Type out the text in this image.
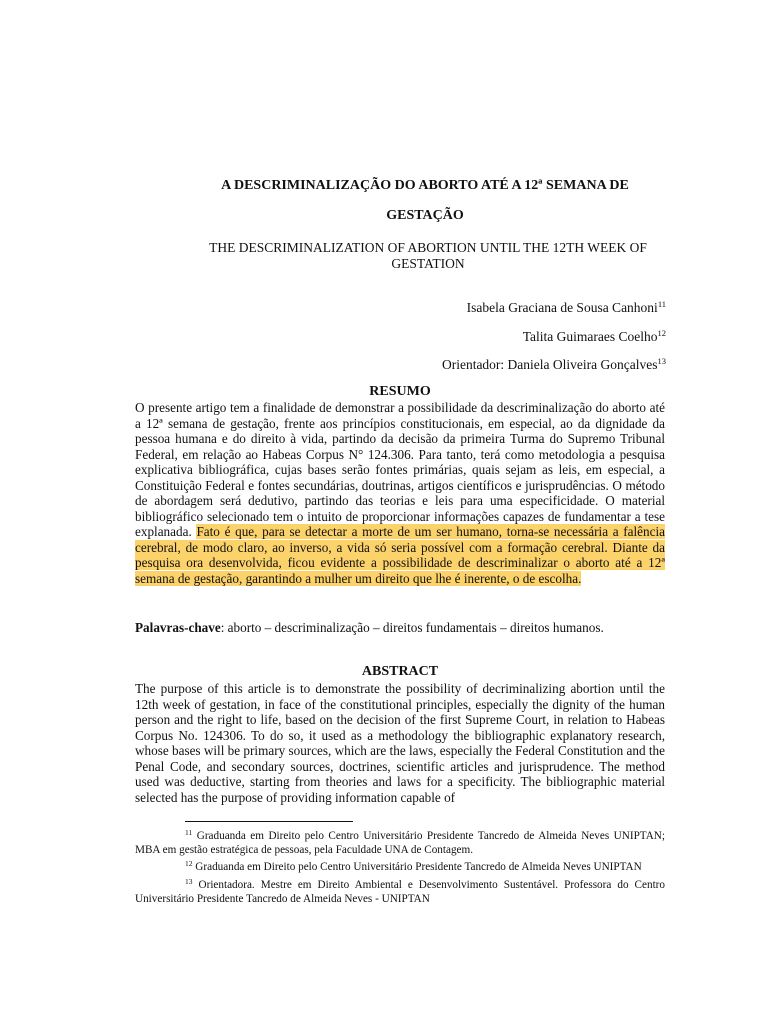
A DESCRIMINALIZAÇÃO DO ABORTO ATÉ A 12ª SEMANA DE
GESTAÇÃO
THE DESCRIMINALIZATION OF ABORTION UNTIL THE 12TH WEEK OF GESTATION
Isabela Graciana de Sousa Canhoni$^{11}$
Talita Guimaraes Coelho$^{12}$
Orientador: Daniela Oliveira Gonçalves$^{13}$
RESUMO
O presente artigo tem a finalidade de demonstrar a possibilidade da descriminalização do aborto até a 12ª semana de gestação, frente aos princípios constitucionais, em especial, ao da dignidade da pessoa humana e do direito à vida, partindo da decisão da primeira Turma do Supremo Tribunal Federal, em relação ao Habeas Corpus N° 124.306. Para tanto, terá como metodologia a pesquisa explicativa bibliográfica, cujas bases serão fontes primárias, quais sejam as leis, em especial, a Constituição Federal e fontes secundárias, doutrinas, artigos científicos e jurisprudências. O método de abordagem será dedutivo, partindo das teorias e leis para uma especificidade. O material bibliográfico selecionado tem o intuito de proporcionar informações capazes de fundamentar a tese explanada. Fato é que, para se detectar a morte de um ser humano, torna-se necessária a falência cerebral, de modo claro, ao inverso, a vida só seria possível com a formação cerebral. Diante da pesquisa ora desenvolvida, ficou evidente a possibilidade de descriminalizar o aborto até a 12ª semana de gestação, garantindo a mulher um direito que lhe é inerente, o de escolha.
Palavras-chave: aborto – descriminalização – direitos fundamentais – direitos humanos.
ABSTRACT
The purpose of this article is to demonstrate the possibility of decriminalizing abortion until the 12th week of gestation, in face of the constitutional principles, especially the dignity of the human person and the right to life, based on the decision of the first Supreme Court, in relation to Habeas Corpus No. 124306. To do so, it used as a methodology the bibliographic explanatory research, whose bases will be primary sources, which are the laws, especially the Federal Constitution and the Penal Code, and secondary sources, doctrines, scientific articles and jurisprudence. The method used was deductive, starting from theories and laws for a specificity. The bibliographic material selected has the purpose of providing information capable of
$^{11}$ Graduanda em Direito pelo Centro Universitário Presidente Tancredo de Almeida Neves UNIPTAN; MBA em gestão estratégica de pessoas, pela Faculdade UNA de Contagem.
$^{12}$ Graduanda em Direito pelo Centro Universitário Presidente Tancredo de Almeida Neves UNIPTAN
$^{13}$ Orientadora. Mestre em Direito Ambiental e Desenvolvimento Sustentável. Professora do Centro Universitário Presidente Tancredo de Almeida Neves - UNIPTAN
